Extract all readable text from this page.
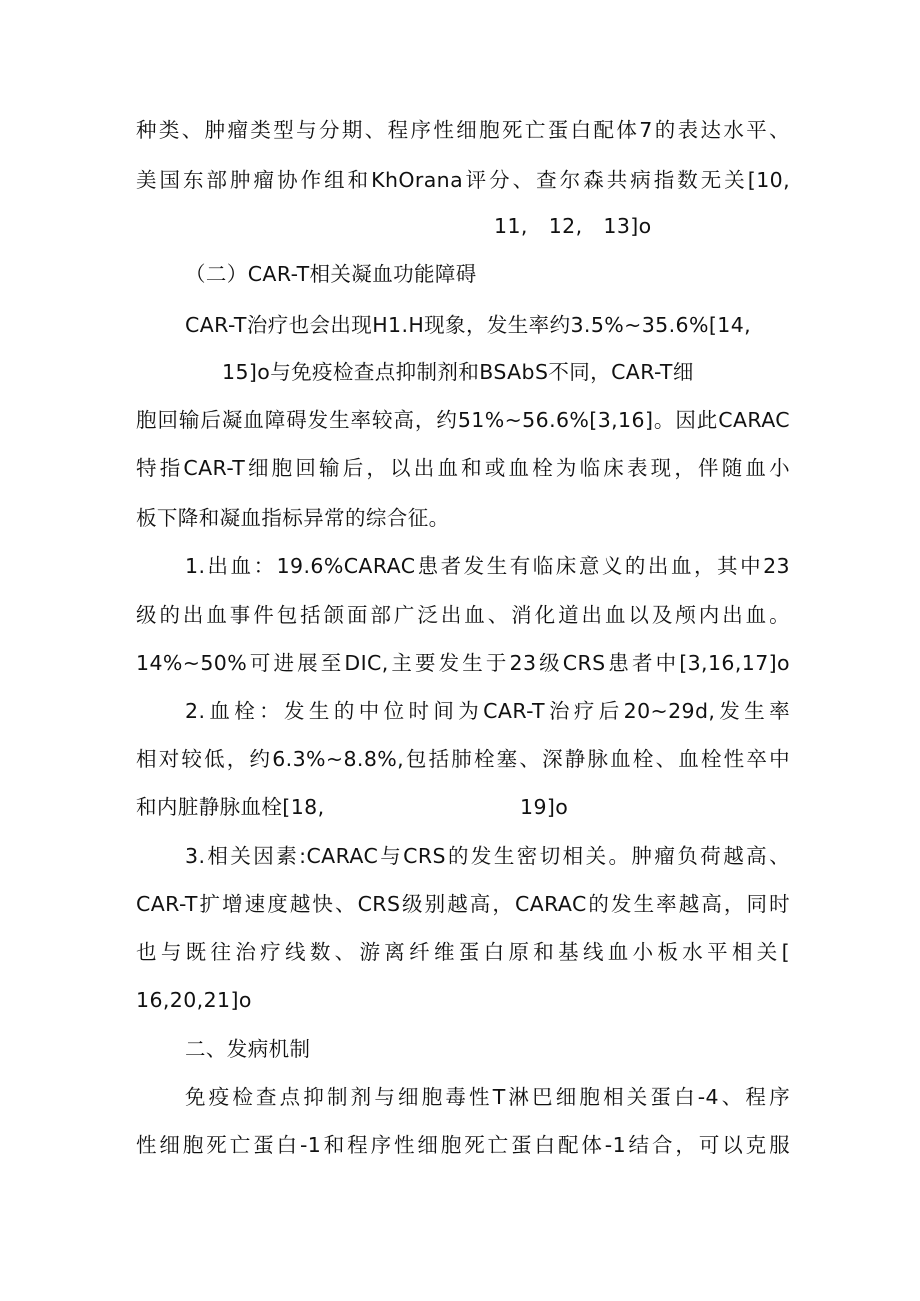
种类、肿瘤类型与分期、程序性细胞死亡蛋白配体7的表达水平、
美国东部肿瘤协作组和KhOrana评分、查尔森共病指数无关[10,
11,　12,　13]o
（二）CAR-T相关凝血功能障碍
CAR-T治疗也会出现H1.H现象，发生率约3.5%~35.6%[14,
15]o与免疫检查点抑制剂和BSAbS不同，CAR-T细
胞回输后凝血障碍发生率较高，约51%~56.6%[3,16]。因此CARAC
特指CAR-T细胞回输后，以出血和或血栓为临床表现，伴随血小
板下降和凝血指标异常的综合征。
1.出血：19.6%CARAC患者发生有临床意义的出血，其中23
级的出血事件包括颌面部广泛出血、消化道出血以及颅内出血。
14%~50%可进展至DIC,主要发生于23级CRS患者中[3,16,17]o
2.血栓：发生的中位时间为CAR-T治疗后20~29d,发生率
相对较低，约6.3%~8.8%,包括肺栓塞、深静脉血栓、血栓性卒中
和内脏静脉血栓[18,	19]o
3.相关因素:CARAC与CRS的发生密切相关。肿瘤负荷越高、
CAR-T扩增速度越快、CRS级别越高，CARAC的发生率越高，同时
也与既往治疗线数、游离纤维蛋白原和基线血小板水平相关[
16,20,21]o
二、发病机制
免疫检查点抑制剂与细胞毒性T淋巴细胞相关蛋白-4、程序
性细胞死亡蛋白-1和程序性细胞死亡蛋白配体-1结合，可以克服
